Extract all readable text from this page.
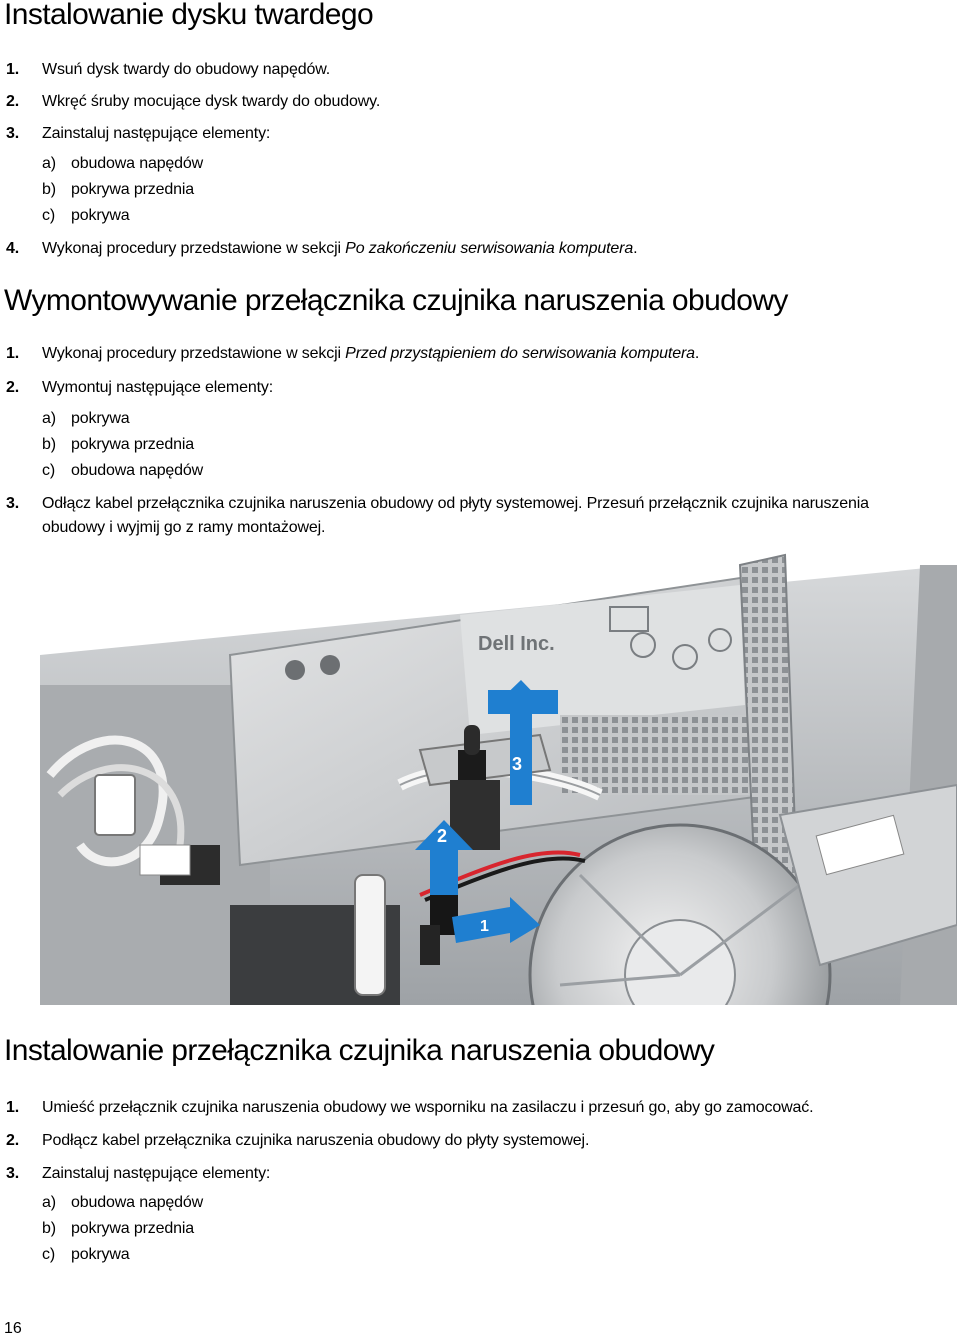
Instalowanie dysku twardego
1. Wsuń dysk twardy do obudowy napędów.
2. Wkręć śruby mocujące dysk twardy do obudowy.
3. Zainstaluj następujące elementy:
a) obudowa napędów
b) pokrywa przednia
c) pokrywa
4. Wykonaj procedury przedstawione w sekcji Po zakończeniu serwisowania komputera.
Wymontowywanie przełącznika czujnika naruszenia obudowy
1. Wykonaj procedury przedstawione w sekcji Przed przystąpieniem do serwisowania komputera.
2. Wymontuj następujące elementy:
a) pokrywa
b) pokrywa przednia
c) obudowa napędów
3. Odłącz kabel przełącznika czujnika naruszenia obudowy od płyty systemowej. Przesuń przełącznik czujnika naruszenia
obudowy i wyjmij go z ramy montażowej.
Dell Inc.
3
2
1
Instalowanie przełącznika czujnika naruszenia obudowy
1. Umieść przełącznik czujnika naruszenia obudowy we wsporniku na zasilaczu i przesuń go, aby go zamocować.
2. Podłącz kabel przełącznika czujnika naruszenia obudowy do płyty systemowej.
3. Zainstaluj następujące elementy:
a) obudowa napędów
b) pokrywa przednia
c) pokrywa
16
